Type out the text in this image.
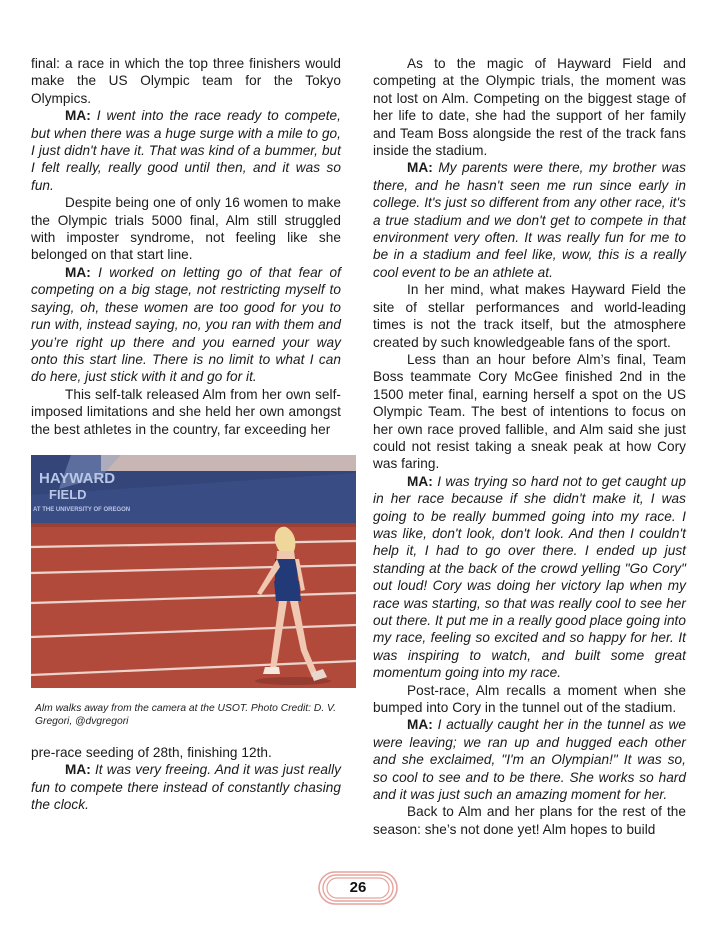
final: a race in which the top three finishers would make the US Olympic team for the Tokyo Olympics.

MA: I went into the race ready to compete, but when there was a huge surge with a mile to go, I just didn't have it. That was kind of a bummer, but I felt really, really good until then, and it was so fun.

Despite being one of only 16 women to make the Olympic trials 5000 final, Alm still struggled with imposter syndrome, not feeling like she belonged on that start line.

MA: I worked on letting go of that fear of competing on a big stage, not restricting myself to saying, oh, these women are too good for you to run with, instead saying, no, you ran with them and you’re right up there and you earned your way onto this start line. There is no limit to what I can do here, just stick with it and go for it.

This self-talk released Alm from her own self-imposed limitations and she held her own amongst the best athletes in the country, far exceeding her

HAYWARD
FIELD
AT THE UNIVERSITY OF OREGON
Alm walks away from the camera at the USOT. Photo Credit: D. V. Gregori, @dvgregori

pre-race seeding of 28th, finishing 12th.

MA: It was very freeing. And it was just really fun to compete there instead of constantly chasing the clock.

As to the magic of Hayward Field and competing at the Olympic trials, the moment was not lost on Alm. Competing on the biggest stage of her life to date, she had the support of her family and Team Boss alongside the rest of the track fans inside the stadium.

MA: My parents were there, my brother was there, and he hasn't seen me run since early in college. It's just so different from any other race, it's a true stadium and we don't get to compete in that environment very often. It was really fun for me to be in a stadium and feel like, wow, this is a really cool event to be an athlete at.

In her mind, what makes Hayward Field the site of stellar performances and world-leading times is not the track itself, but the atmosphere created by such knowledgeable fans of the sport.

Less than an hour before Alm’s final, Team Boss teammate Cory McGee finished 2nd in the 1500 meter final, earning herself a spot on the US Olympic Team. The best of intentions to focus on her own race proved fallible, and Alm said she just could not resist taking a sneak peak at how Cory was faring.

MA: I was trying so hard not to get caught up in her race because if she didn't make it, I was going to be really bummed going into my race. I was like, don't look, don't look. And then I couldn't help it, I had to go over there. I ended up just standing at the back of the crowd yelling "Go Cory" out loud! Cory was doing her victory lap when my race was starting, so that was really cool to see her out there. It put me in a really good place going into my race, feeling so excited and so happy for her. It was inspiring to watch, and built some great momentum going into my race.

Post-race, Alm recalls a moment when she bumped into Cory in the tunnel out of the stadium.

MA: I actually caught her in the tunnel as we were leaving; we ran up and hugged each other and she exclaimed, "I'm an Olympian!" It was so, so cool to see and to be there. She works so hard and it was just such an amazing moment for her.

Back to Alm and her plans for the rest of the season: she’s not done yet! Alm hopes to build

26
